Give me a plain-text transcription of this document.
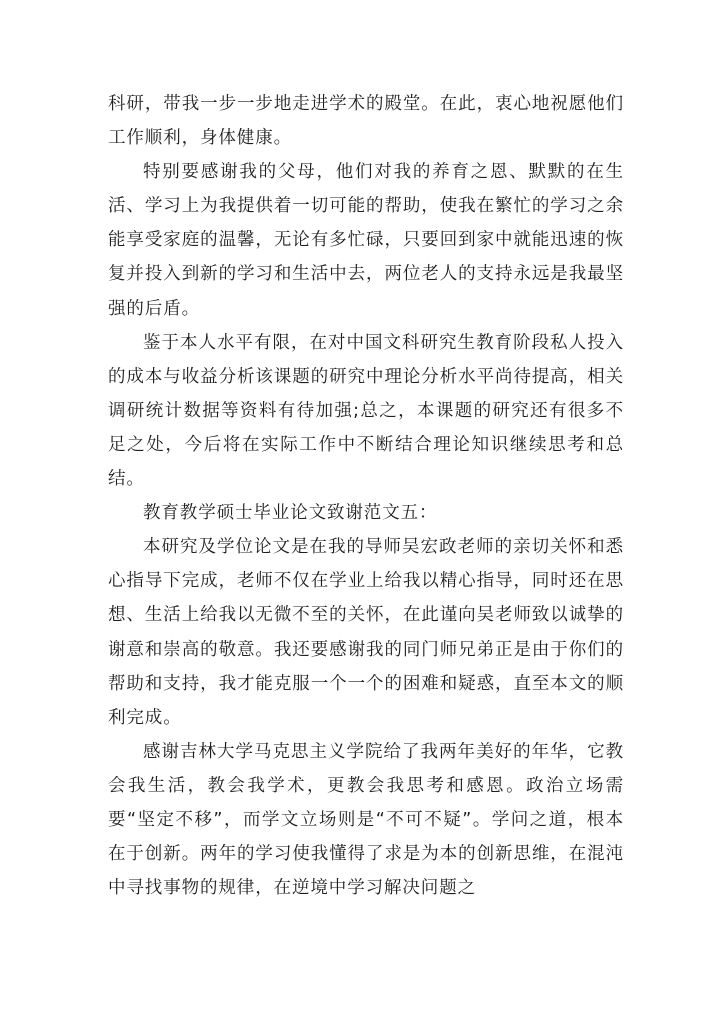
科研，带我一步一步地走进学术的殿堂。在此，衷心地祝愿他们工作顺利，身体健康。

特别要感谢我的父母，他们对我的养育之恩、默默的在生活、学习上为我提供着一切可能的帮助，使我在繁忙的学习之余能享受家庭的温馨，无论有多忙碌，只要回到家中就能迅速的恢复并投入到新的学习和生活中去，两位老人的支持永远是我最坚强的后盾。

鉴于本人水平有限，在对中国文科研究生教育阶段私人投入的成本与收益分析该课题的研究中理论分析水平尚待提高，相关调研统计数据等资料有待加强;总之，本课题的研究还有很多不足之处，今后将在实际工作中不断结合理论知识继续思考和总结。

教育教学硕士毕业论文致谢范文五：

本研究及学位论文是在我的导师吴宏政老师的亲切关怀和悉心指导下完成，老师不仅在学业上给我以精心指导，同时还在思想、生活上给我以无微不至的关怀，在此谨向吴老师致以诚挚的谢意和崇高的敬意。我还要感谢我的同门师兄弟正是由于你们的帮助和支持，我才能克服一个一个的困难和疑惑，直至本文的顺利完成。

感谢吉林大学马克思主义学院给了我两年美好的年华，它教会我生活，教会我学术，更教会我思考和感恩。政治立场需要“坚定不移”，而学文立场则是“不可不疑”。学问之道，根本在于创新。两年的学习使我懂得了求是为本的创新思维，在混沌中寻找事物的规律，在逆境中学习解决问题之
